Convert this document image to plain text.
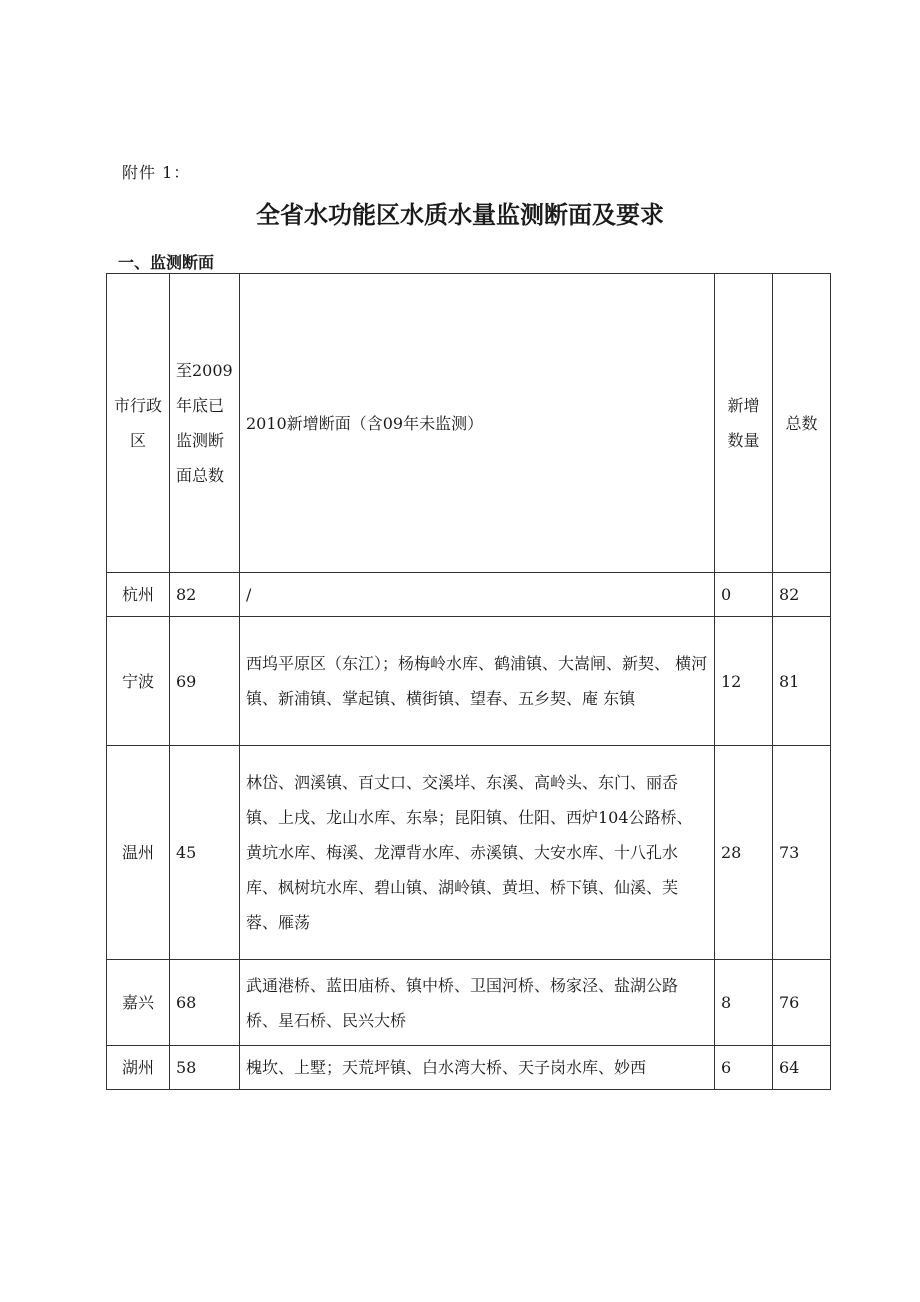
附件 1：
全省水功能区水质水量监测断面及要求
一、监测断面
市行政区	至2009年底已监测断面总数	2010新增断面（含09年未监测）	新增数量	总数
杭州	82	/	0	82
宁波	69	西坞平原区（东江）；杨梅岭水库、鹤浦镇、大嵩闸、新契、 横河镇、新浦镇、掌起镇、横街镇、望春、五乡契、庵 东镇	12	81
温州	45	林岱、泗溪镇、百丈口、交溪垟、东溪、高岭头、东门、丽岙镇、上戌、龙山水库、东皋；昆阳镇、仕阳、西炉104公路桥、黄坑水库、梅溪、龙潭背水库、赤溪镇、大安水库、十八孔水库、枫树坑水库、碧山镇、湖岭镇、黄坦、桥下镇、仙溪、芙蓉、雁荡	28	73
嘉兴	68	武通港桥、蓝田庙桥、镇中桥、卫国河桥、杨家泾、盐湖公路桥、星石桥、民兴大桥	8	76
湖州	58	槐坎、上墅；天荒坪镇、白水湾大桥、天子岗水库、妙西	6	64
